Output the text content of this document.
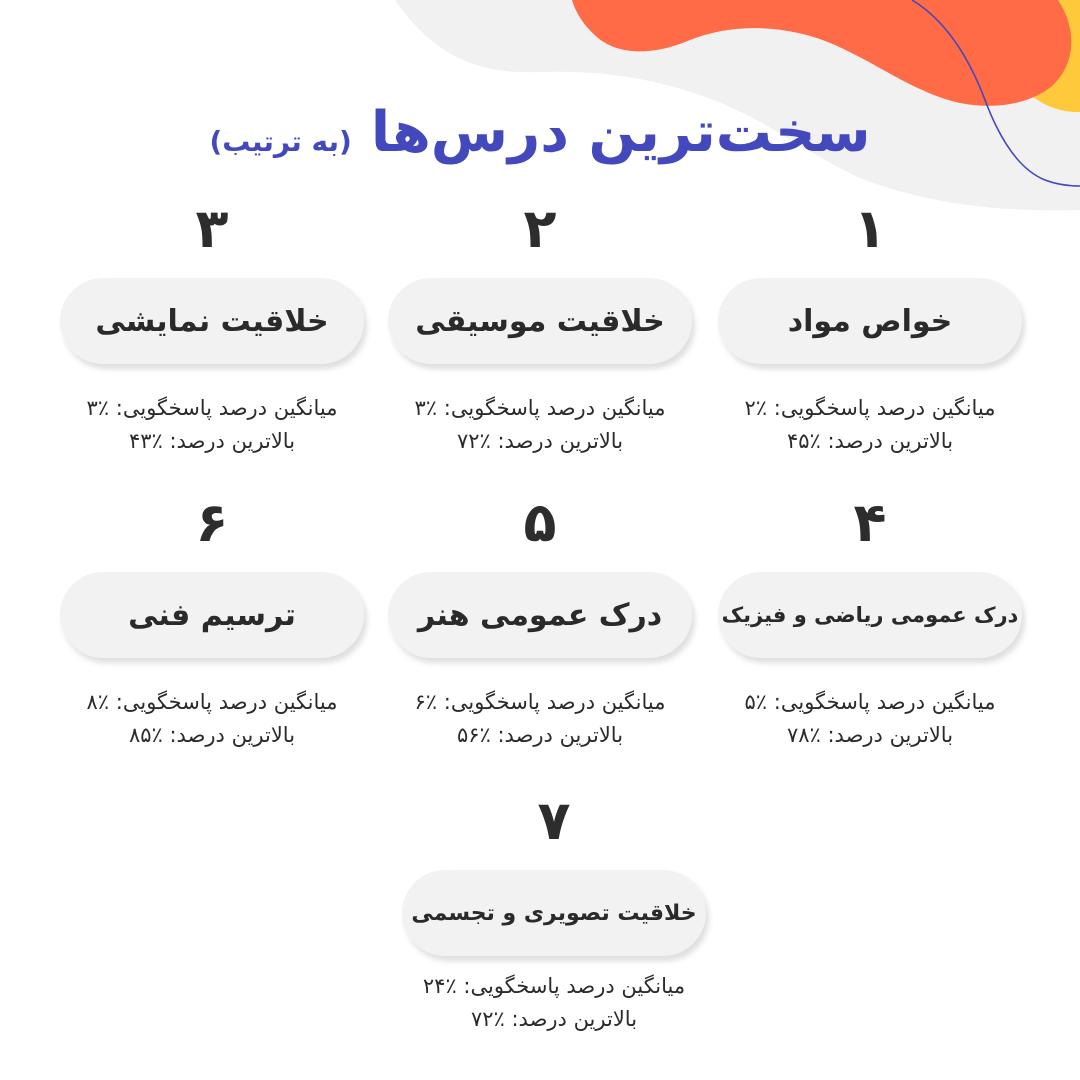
سخت‌ترین درس‌ها (به ترتیب)
۱
خواص مواد
میانگین درصد پاسخگویی: ٪۲
بالاترین درصد: ٪۴۵
۲
خلاقیت موسیقی
میانگین درصد پاسخگویی: ٪۳
بالاترین درصد: ٪۷۲
۳
خلاقیت نمایشی
میانگین درصد پاسخگویی: ٪۳
بالاترین درصد: ٪۴۳
۴
درک عمومی ریاضی و فیزیک
میانگین درصد پاسخگویی: ٪۵
بالاترین درصد: ٪۷۸
۵
درک عمومی هنر
میانگین درصد پاسخگویی: ٪۶
بالاترین درصد: ٪۵۶
۶
ترسیم فنی
میانگین درصد پاسخگویی: ٪۸
بالاترین درصد: ٪۸۵
۷
خلاقیت تصویری و تجسمی
میانگین درصد پاسخگویی: ٪۲۴
بالاترین درصد: ٪۷۲
